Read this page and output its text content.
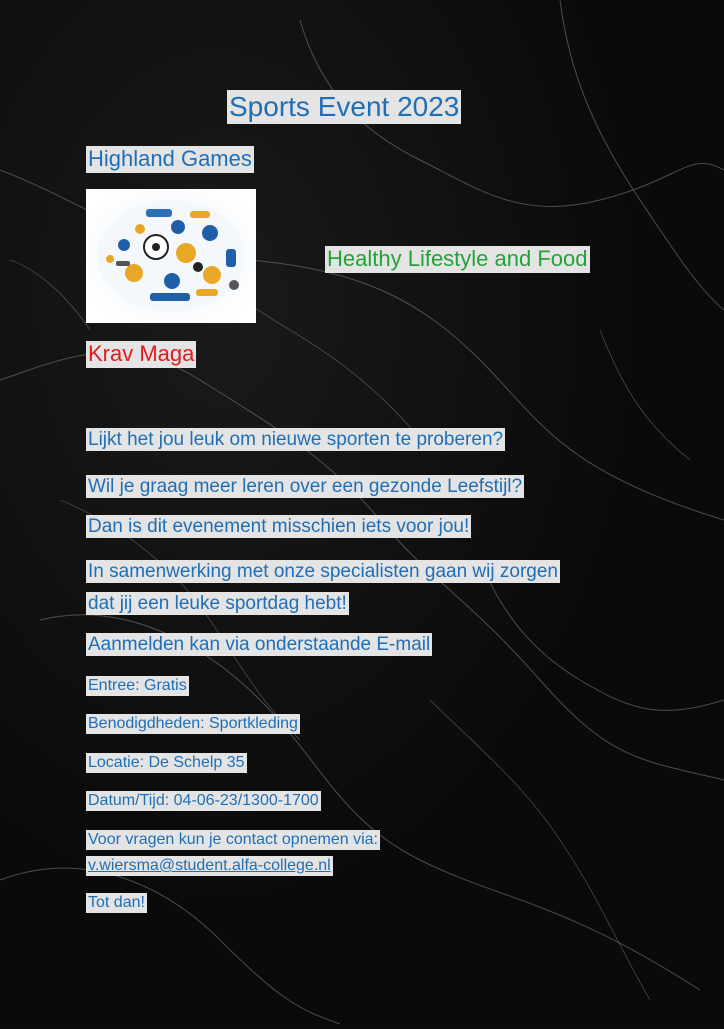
Sports Event 2023
Highland Games
Healthy Lifestyle and Food
Krav Maga
Lijkt het jou leuk om nieuwe sporten te proberen?
Wil je graag meer leren over een gezonde Leefstijl?
Dan is dit evenement misschien iets voor jou!
In samenwerking met onze specialisten gaan wij zorgen
dat jij een leuke sportdag hebt!
Aanmelden kan via onderstaande E-mail
Entree: Gratis
Benodigdheden: Sportkleding
Locatie: De Schelp 35
Datum/Tijd: 04-06-23/1300-1700
Voor vragen kun je contact opnemen via:
v.wiersma@student.alfa-college.nl
Tot dan!
